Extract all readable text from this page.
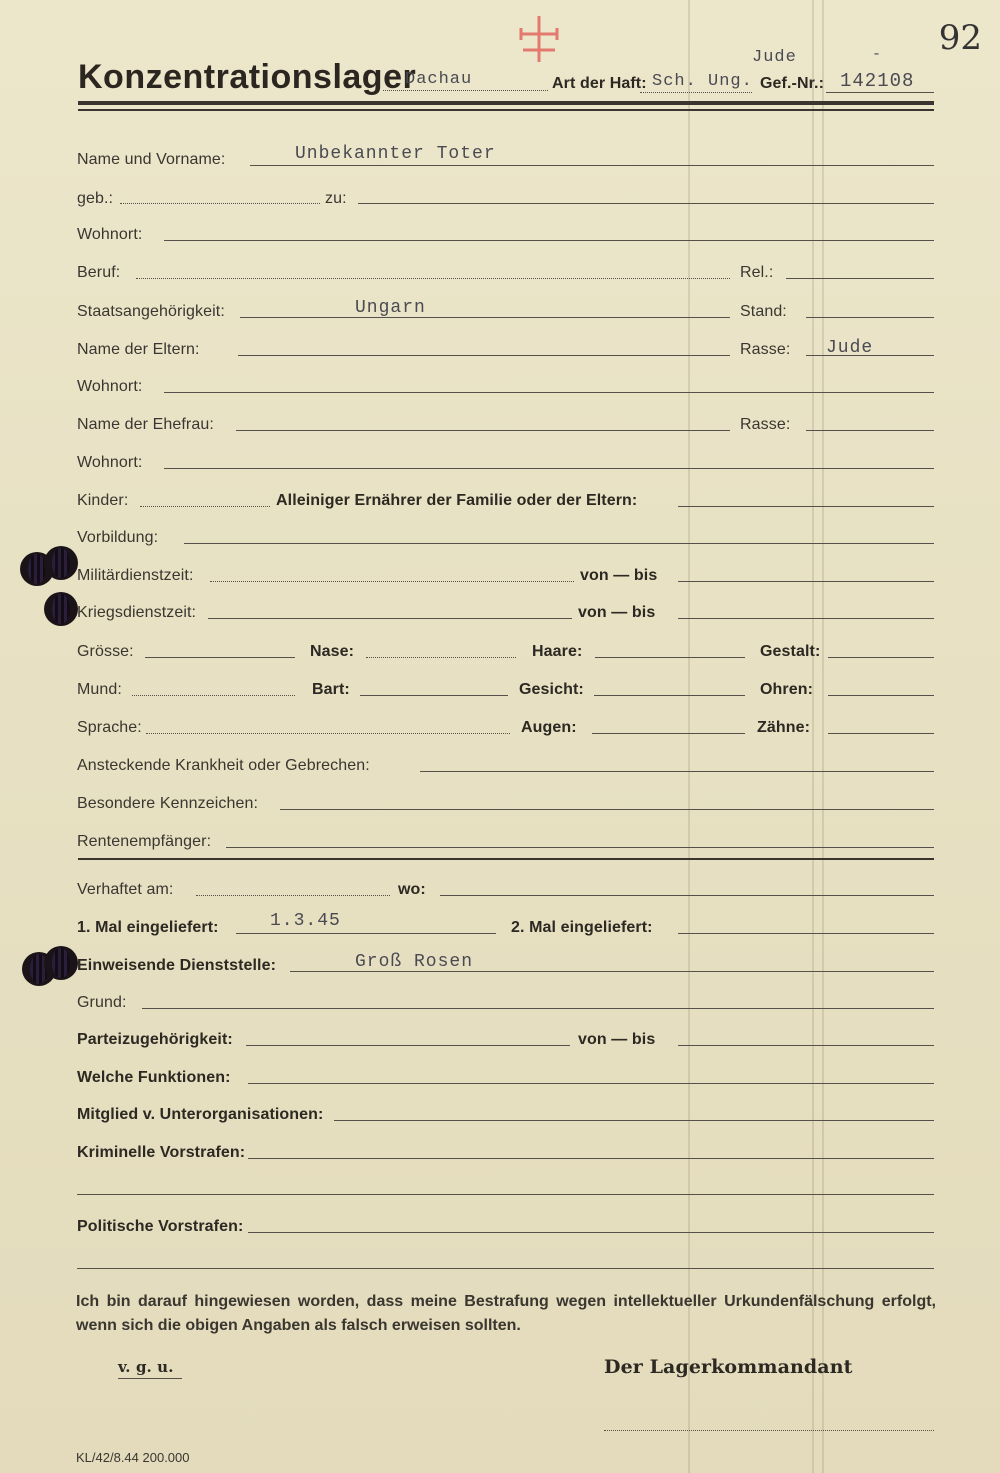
92
Konzentrationslager
Dachau	Art der Haft: Sch. Ung.
Jude	-
Gef.-Nr.: 142108
Name und Vorname:	Unbekannter Toter
geb.:	zu:
Wohnort:
Beruf:	Rel.:
Staatsangehörigkeit:	Ungarn	Stand:
Name der Eltern:	Rasse: Jude
Wohnort:
Name der Ehefrau:	Rasse:
Wohnort:
Kinder:	Alleiniger Ernährer der Familie oder der Eltern:
Vorbildung:
Militärdienstzeit:	von — bis
Kriegsdienstzeit:	von — bis
Grösse:	Nase:	Haare:	Gestalt:
Mund:	Bart:	Gesicht:	Ohren:
Sprache:	Augen:	Zähne:
Ansteckende Krankheit oder Gebrechen:
Besondere Kennzeichen:
Rentenempfänger:
Verhaftet am:	wo:
1. Mal eingeliefert:	1.3.45	2. Mal eingeliefert:
Einweisende Dienststelle:	Groß Rosen
Grund:
Parteizugehörigkeit:	von — bis
Welche Funktionen:
Mitglied v. Unterorganisationen:
Kriminelle Vorstrafen:
Politische Vorstrafen:
Ich bin darauf hingewiesen worden, dass meine Bestrafung wegen intellektueller Urkundenfälschung erfolgt, wenn sich die obigen Angaben als falsch erweisen sollten.
v. g. u.	Der Lagerkommandant
KL/42/8.44 200.000
